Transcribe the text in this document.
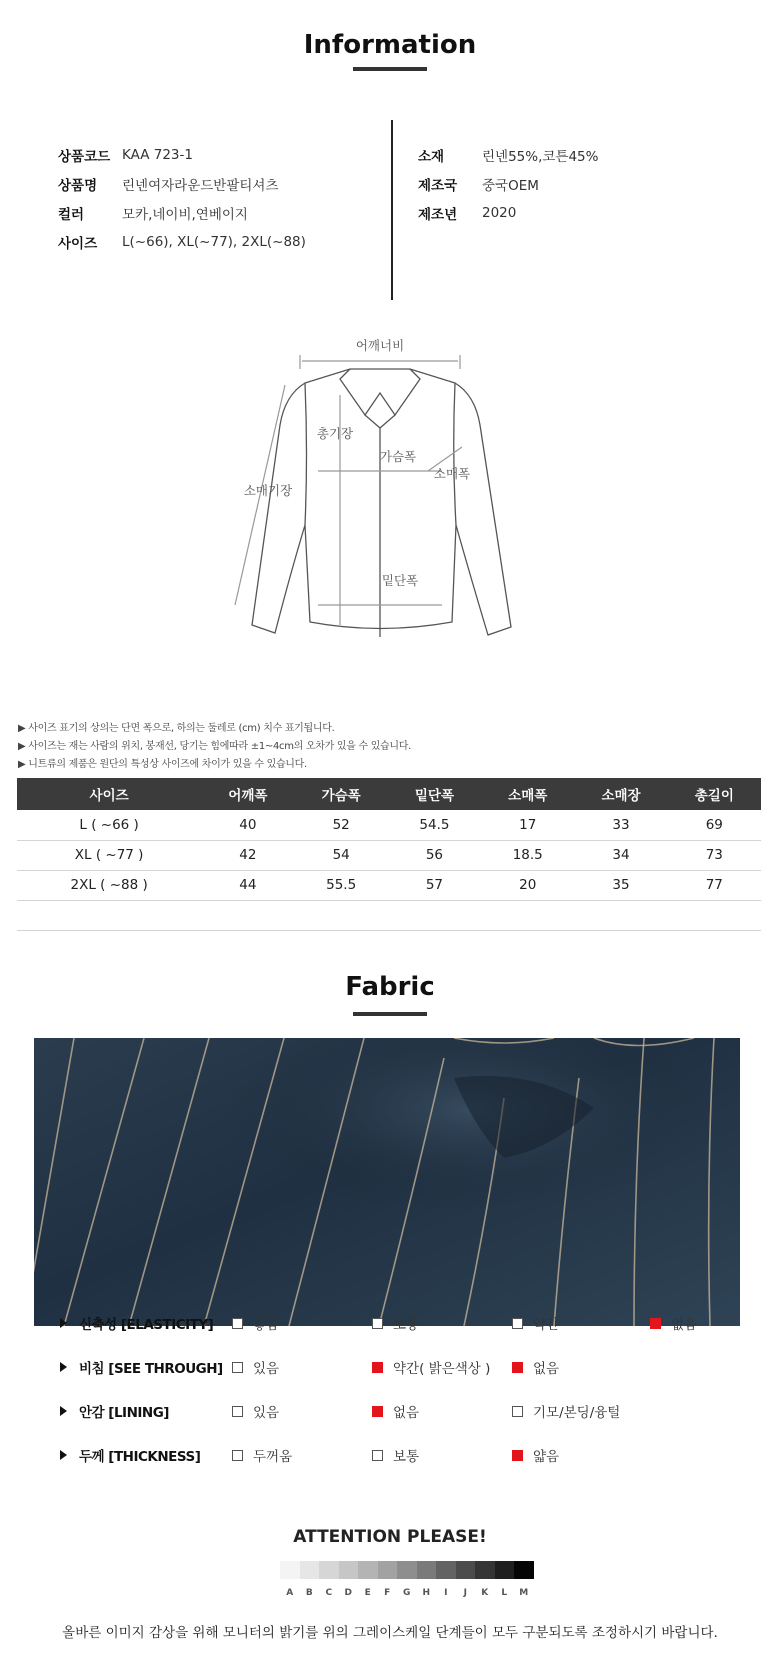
Information
상품코드 KAA 723-1
상품명	린넨여자라운드반팔티셔츠
컬러	모카,네이비,연베이지
사이즈	L(~66), XL(~77), 2XL(~88)
소재	린넨55%,코튼45%
제조국	중국OEM
제조년	2020
어깨너비
총기장
가슴폭
소매폭
소매기장
밑단폭
▶ 사이즈 표기의 상의는 단면 폭으로, 하의는 둘레로 (cm) 치수 표기됩니다.
▶ 사이즈는 재는 사람의 위치, 봉재선, 당기는 힘에따라 ±1~4cm의 오차가 있을 수 있습니다.
▶ 니트류의 제품은 원단의 특성상 사이즈에 차이가 있을 수 있습니다.
사이즈	어깨폭	가슴폭	밑단폭	소매폭	소매장	총길이
L ( ~66 )	40	52	54.5	17	33	69
XL ( ~77 )	42	54	56	18.5	34	73
2XL ( ~88 )	44	55.5	57	20	35	77

Fabric
신축성 [ELASTICITY]	좋음	보통	약간	없음
비침 [SEE THROUGH] 있음	약간( 밝은색상 )	없음
안감 [LINING]	있음	없음	기모/본딩/융털
두께 [THICKNESS]	두꺼움	보통	얇음
ATTENTION PLEASE!
A	B	C	D	E	F	G	H	I	J	K	L	M
올바른 이미지 감상을 위해 모니터의 밝기를 위의 그레이스케일 단계들이 모두 구분되도록 조정하시기 바랍니다.
